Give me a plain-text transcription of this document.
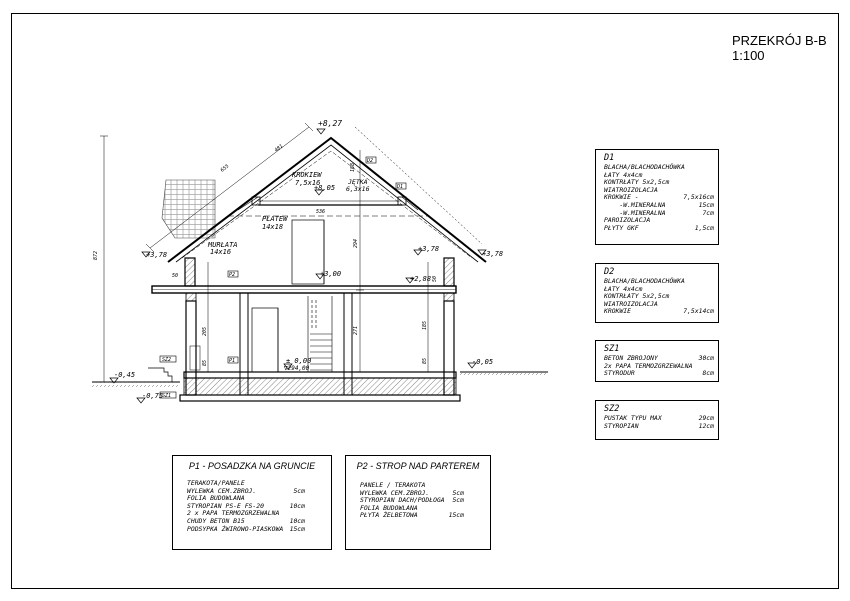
PRZEKRÓJ B-B
1:100
+8,27
+8,05
+3,78
+3,78
+3,78
+3,00
+2,88
± 0,00
∇294,00
-0,45
-0,05
-0,75
KROKIEW
7,5x16	JĘTKA
6,3x16
PŁATEW
14x18
MURŁATA
14x16
D2
D1
P2
P1
SZ2
SZ1
872
655
481
188
536
294
271
50	50
205
185
85	85
D1
BLACHA/BLACHODACHÓWKA
ŁATY 4x4cm
KONTRŁATY 5x2,5cm
WIATROIZOLACJA
KROKWIE -	7,5x16cm
-W.MINERALNA	15cm
-W.MINERALNA	7cm
PAROIZOLACJA
PŁYTY GKF	1,5cm
D2
BLACHA/BLACHODACHÓWKA
ŁATY 4x4cm
KONTRŁATY 5x2,5cm
WIATROIZOLACJA
KROKWIE	7,5x14cm
SZ1
BETON ZBROJONY	30cm
2x PAPA TERMOZGRZEWALNA
STYRODUR	8cm
SZ2
PUSTAK TYPU MAX	29cm
STYROPIAN	12cm
P1 - POSADZKA NA GRUNCIE
TERAKOTA/PANELE
WYLEWKA CEM.ZBROJ.	5cm
FOLIA BUDOWLANA
STYROPIAN PS-E FS-20	10cm
2 x PAPA TERMOZGRZEWALNA
CHUDY BETON B15	10cm
PODSYPKA ŻWIROWO-PIASKOWA 15cm
P2 - STROP NAD PARTEREM
PANELE / TERAKOTA
WYLEWKA CEM.ZBROJ.	5cm
STYROPIAN DACH/PODŁOGA 5cm
FOLIA BUDOWLANA
PŁYTA ŻELBETOWA	15cm
